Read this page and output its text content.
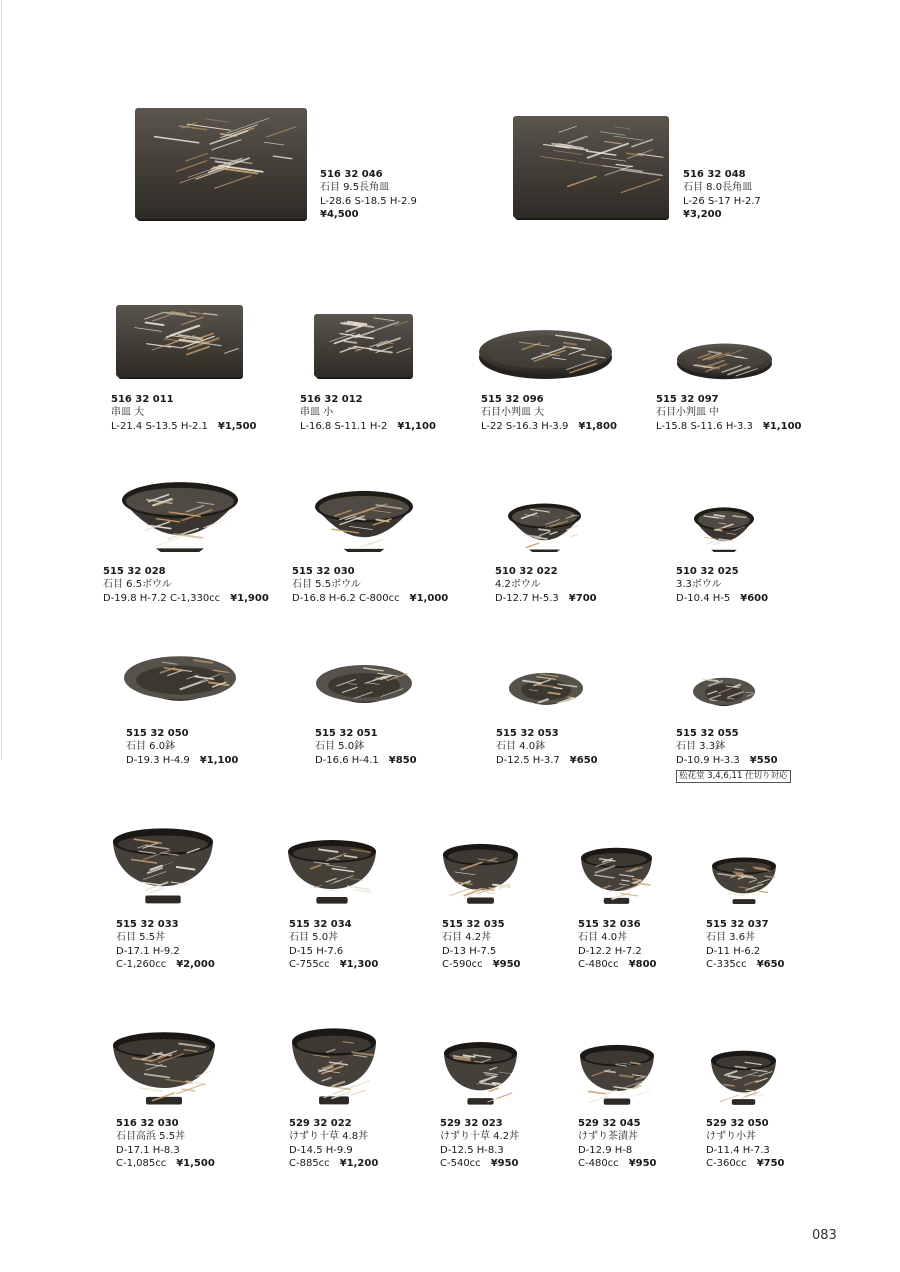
516 32 046
石目 9.5長角皿
L-28.6 S-18.5 H-2.9
¥4,500
516 32 048
石目 8.0長角皿
L-26 S-17 H-2.7
¥3,200
516 32 011
串皿 大
L-21.4 S-13.5 H-2.1 ¥1,500
516 32 012
串皿 小
L-16.8 S-11.1 H-2 ¥1,100
515 32 096
石目小判皿 大
L-22 S-16.3 H-3.9 ¥1,800
515 32 097
石目小判皿 中
L-15.8 S-11.6 H-3.3 ¥1,100
515 32 028
石目 6.5ボウル
D-19.8 H-7.2 C-1,330cc ¥1,900
515 32 030
石目 5.5ボウル
D-16.8 H-6.2 C-800cc ¥1,000
510 32 022
4.2ボウル
D-12.7 H-5.3 ¥700
510 32 025
3.3ボウル
D-10.4 H-5 ¥600
515 32 050
石目 6.0鉢
D-19.3 H-4.9 ¥1,100
515 32 051
石目 5.0鉢
D-16.6 H-4.1 ¥850
515 32 053
石目 4.0鉢
D-12.5 H-3.7 ¥650
515 32 055
石目 3.3鉢
D-10.9 H-3.3 ¥550
松花堂 3,4,6,11 仕切り対応
515 32 033
石目 5.5丼
D-17.1 H-9.2
C-1,260cc ¥2,000
515 32 034
石目 5.0丼
D-15 H-7.6
C-755cc ¥1,300
515 32 035
石目 4.2丼
D-13 H-7.5
C-590cc ¥950
515 32 036
石目 4.0丼
D-12.2 H-7.2
C-480cc ¥800
515 32 037
石目 3.6丼
D-11 H-6.2
C-335cc ¥650
516 32 030
石目高浜 5.5丼
D-17.1 H-8.3
C-1,085cc ¥1,500
529 32 022
けずり十草 4.8丼
D-14.5 H-9.9
C-885cc ¥1,200
529 32 023
けずり十草 4.2丼
D-12.5 H-8.3
C-540cc ¥950
529 32 045
けずり茶漬丼
D-12.9 H-8
C-480cc ¥950
529 32 050
けずり小丼
D-11.4 H-7.3
C-360cc ¥750
083
